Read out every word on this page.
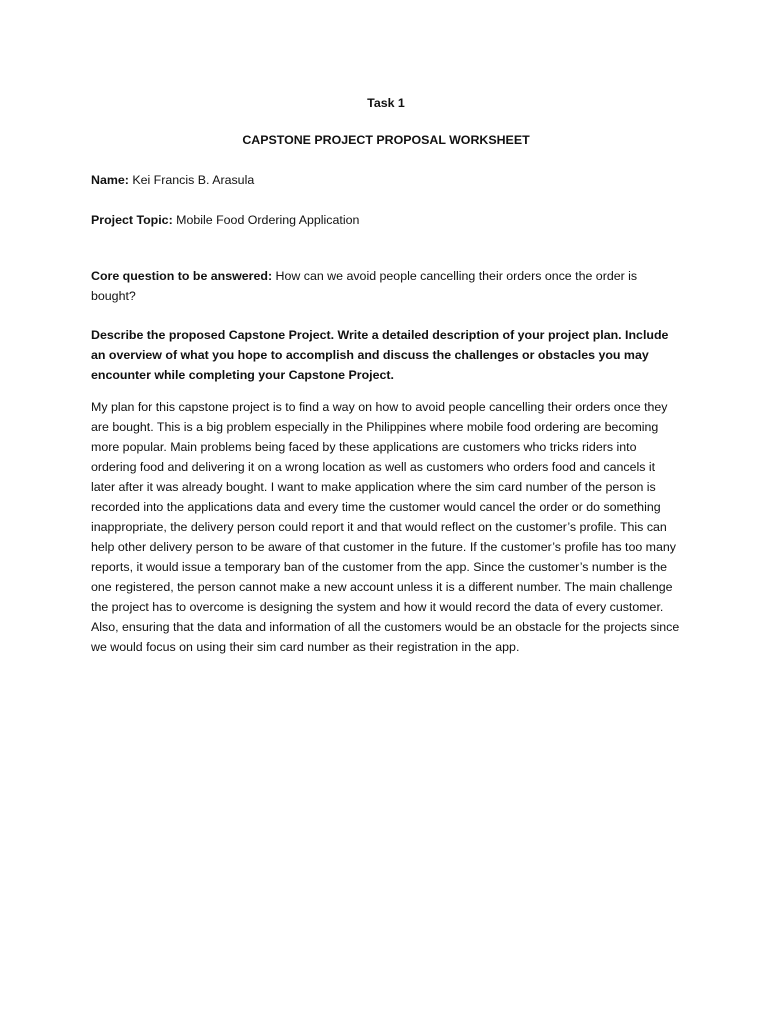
Task 1

CAPSTONE PROJECT PROPOSAL WORKSHEET

Name: Kei Francis B. Arasula

Project Topic: Mobile Food Ordering Application

Core question to be answered: How can we avoid people cancelling their orders once the order is bought?

Describe the proposed Capstone Project. Write a detailed description of your project plan. Include an overview of what you hope to accomplish and discuss the challenges or obstacles you may encounter while completing your Capstone Project.

My plan for this capstone project is to find a way on how to avoid people cancelling their orders once they are bought. This is a big problem especially in the Philippines where mobile food ordering are becoming more popular. Main problems being faced by these applications are customers who tricks riders into ordering food and delivering it on a wrong location as well as customers who orders food and cancels it later after it was already bought. I want to make application where the sim card number of the person is recorded into the applications data and every time the customer would cancel the order or do something inappropriate, the delivery person could report it and that would reflect on the customer’s profile. This can help other delivery person to be aware of that customer in the future. If the customer’s profile has too many reports, it would issue a temporary ban of the customer from the app. Since the customer’s number is the one registered, the person cannot make a new account unless it is a different number. The main challenge the project has to overcome is designing the system and how it would record the data of every customer. Also, ensuring that the data and information of all the customers would be an obstacle for the projects since we would focus on using their sim card number as their registration in the app.
